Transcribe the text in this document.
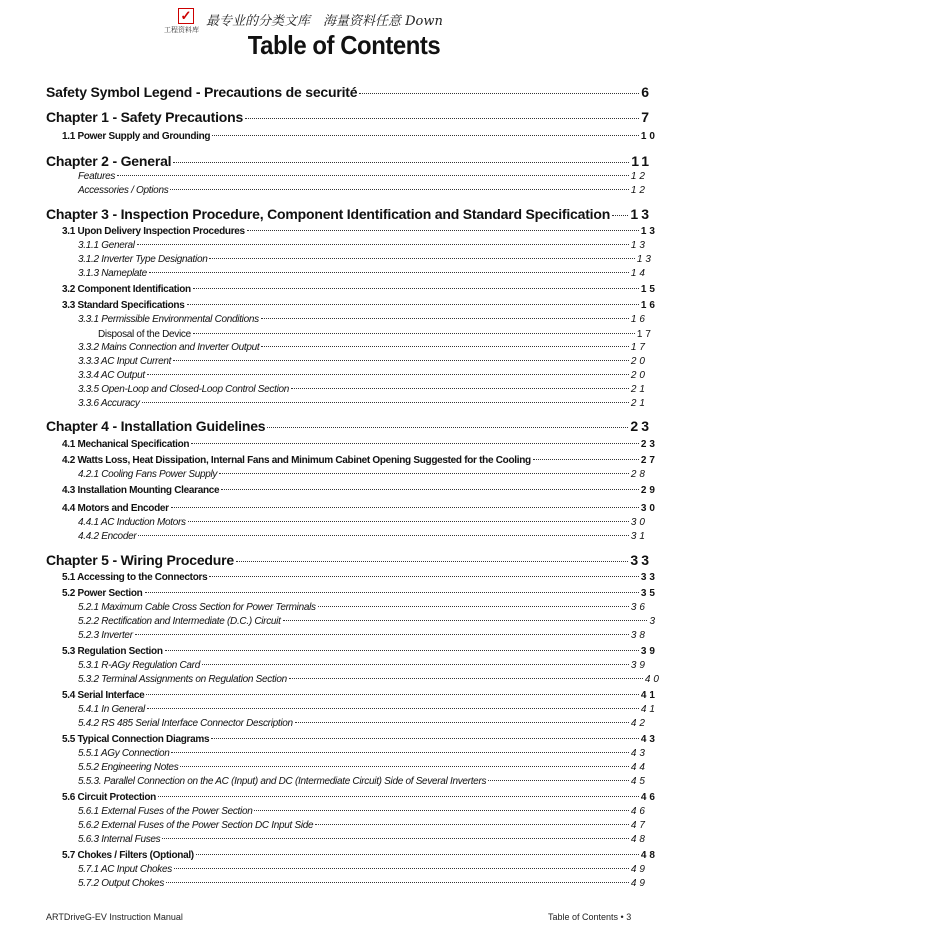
✓
工程资料库
最专业的分类文库　海量资料任意 Down
Table of Contents
Safety Symbol Legend - Precautions de securité	6
Chapter 1 - Safety Precautions	7
1.1 Power Supply and Grounding	10
Chapter 2 - General	11
Features	12
Accessories / Options	12
Chapter 3 - Inspection Procedure, Component Identification and Standard Specification 13
3.1 Upon Delivery Inspection Procedures	13
3.1.1 General	13
3.1.2 Inverter Type Designation	13
3.1.3 Nameplate	14
3.2 Component Identification	15
3.3 Standard Specifications	16
3.3.1 Permissible Environmental Conditions	16
Disposal of the Device	17
3.3.2 Mains Connection and Inverter Output	17
3.3.3 AC Input Current	20
3.3.4 AC Output	20
3.3.5 Open-Loop and Closed-Loop Control Section	21
3.3.6 Accuracy	21
Chapter 4 - Installation Guidelines	23
4.1 Mechanical Specification	23
4.2 Watts Loss, Heat Dissipation, Internal Fans and Minimum Cabinet Opening Suggested for the Cooling	27
4.2.1 Cooling Fans Power Supply	28
4.3 Installation Mounting Clearance	29
4.4 Motors and Encoder	30
4.4.1 AC Induction Motors	30
4.4.2 Encoder	31
Chapter 5 - Wiring Procedure	33
5.1 Accessing to the Connectors	33
5.2 Power Section	35
5.2.1 Maximum Cable Cross Section for Power Terminals	36
5.2.2 Rectification and Intermediate (D.C.) Circuit	3
5.2.3 Inverter	38
5.3 Regulation Section	39
5.3.1 R-AGy Regulation Card	39
5.3.2 Terminal Assignments on Regulation Section	40
5.4 Serial Interface	41
5.4.1 In General	41
5.4.2 RS 485 Serial Interface Connector Description	42
5.5 Typical Connection Diagrams	43
5.5.1 AGy Connection	43
5.5.2 Engineering Notes	44
5.5.3. Parallel Connection on the AC (Input) and DC (Intermediate Circuit) Side of Several Inverters	45
5.6 Circuit Protection	46
5.6.1 External Fuses of the Power Section	46
5.6.2 External Fuses of the Power Section DC Input Side	47
5.6.3 Internal Fuses	48
5.7 Chokes / Filters (Optional)	48
5.7.1 AC Input Chokes	49
5.7.2 Output Chokes	49
ARTDriveG-EV Instruction Manual	Table of Contents • 3
